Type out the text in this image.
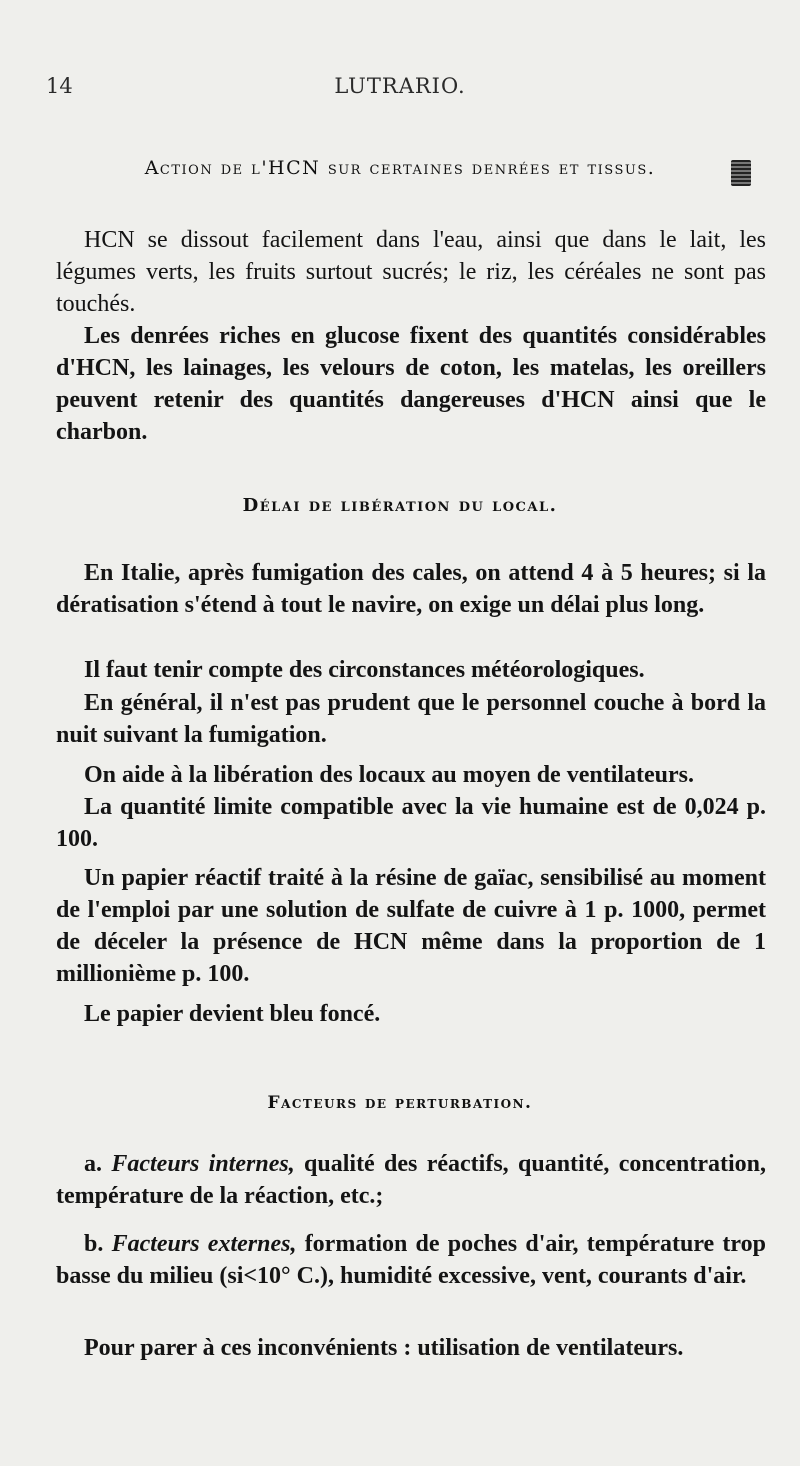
14	LUTRARIO.
Action de l'HCN sur certaines denrées et tissus.

HCN se dissout facilement dans l'eau, ainsi que dans le lait, les légumes verts, les fruits surtout sucrés; le riz, les céréales ne sont pas touchés.

Les denrées riches en glucose fixent des quantités considérables d'HCN, les lainages, les velours de coton, les matelas, les oreillers peuvent retenir des quantités dangereuses d'HCN ainsi que le charbon.

Délai de libération du local.

En Italie, après fumigation des cales, on attend 4 à 5 heures; si la dératisation s'étend à tout le navire, on exige un délai plus long.

Il faut tenir compte des circonstances météorologiques.

En général, il n'est pas prudent que le personnel couche à bord la nuit suivant la fumigation.

On aide à la libération des locaux au moyen de ventilateurs.

La quantité limite compatible avec la vie humaine est de 0,024 p. 100.

Un papier réactif traité à la résine de gaïac, sensibilisé au moment de l'emploi par une solution de sulfate de cuivre à 1 p. 1000, permet de déceler la présence de HCN même dans la proportion de 1 millionième p. 100.

Le papier devient bleu foncé.

Facteurs de perturbation.

a. Facteurs internes, qualité des réactifs, quantité, concentration, température de la réaction, etc.;

b. Facteurs externes, formation de poches d'air, température trop basse du milieu (si<10° C.), humidité excessive, vent, courants d'air.

Pour parer à ces inconvénients : utilisation de ventilateurs.
